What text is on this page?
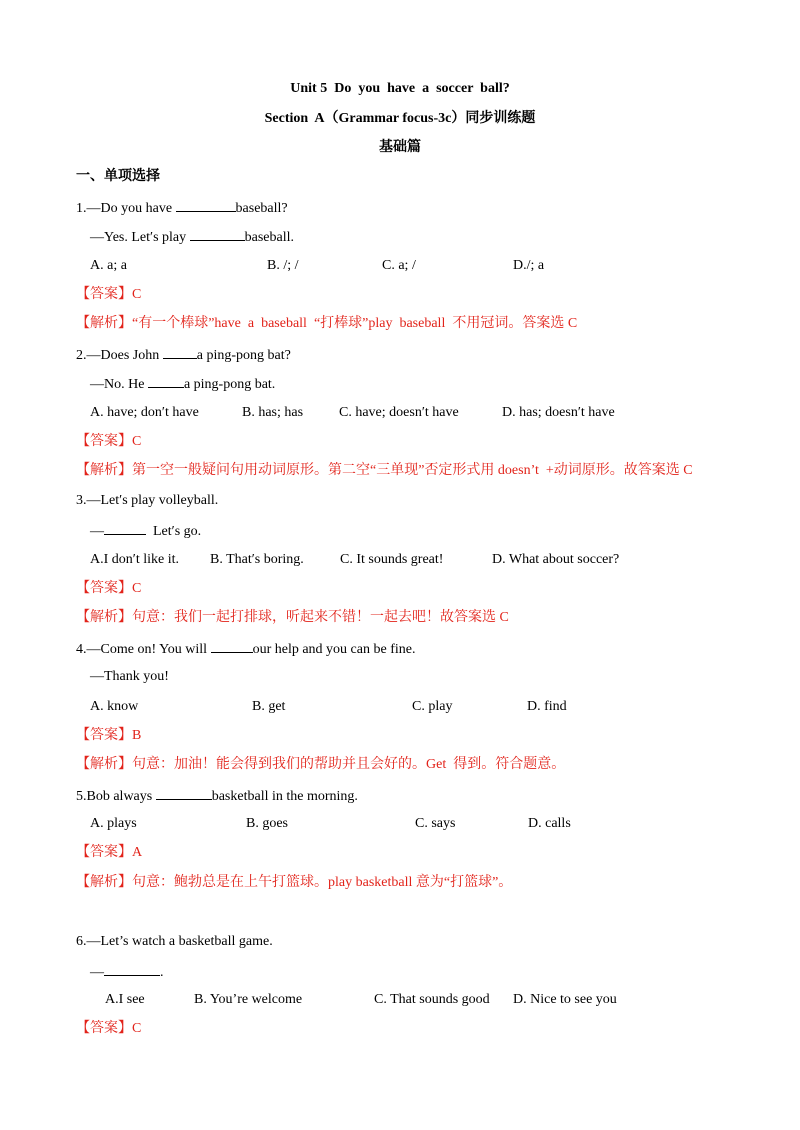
Unit 5  Do  you  have  a  soccer  ball?
Section  A（Grammar focus-3c）同步训练题
基础篇
一、单项选择
1.—Do you have	baseball?
—Yes. Let′s play	baseball.
A. a; a	B. /; /	C. a; /	D./; a
【答案】C
【解析】“有一个棒球”have  a  baseball  “打棒球”play  baseball  不用冠词。答案选 C
2.—Does John a ping-pong bat?
—No. He	a ping-pong bat.
A. have; don′t have	B. has; has	C. have; doesn′t have	D. has; doesn′t have
【答案】C
【解析】第一空一般疑问句用动词原形。第二空“三单现”否定形式用 doesn’t  +动词原形。故答案选 C
3.—Let′s play volleyball.
—	Let′s go.
A.I don′t like it. B. That′s boring.	C. It sounds great!	D. What about soccer?
【答案】C
【解析】句意：我们一起打排球，听起来不错！一起去吧！故答案选 C
4.—Come on! You will	our help and you can be fine.
—Thank you!
A. know	B. get	C. play	D. find
【答案】B
【解析】句意：加油！能会得到我们的帮助并且会好的。Get  得到。符合题意。
5.Bob always	basketball in the morning.
A. plays	B. goes	C. says	D. calls
【答案】A
【解析】句意：鲍勃总是在上午打篮球。play basketball 意为“打篮球”。
6.—Let’s watch a basketball game.
—	.
A.I see	B. You’re welcome	C. That sounds good D. Nice to see you
【答案】C
